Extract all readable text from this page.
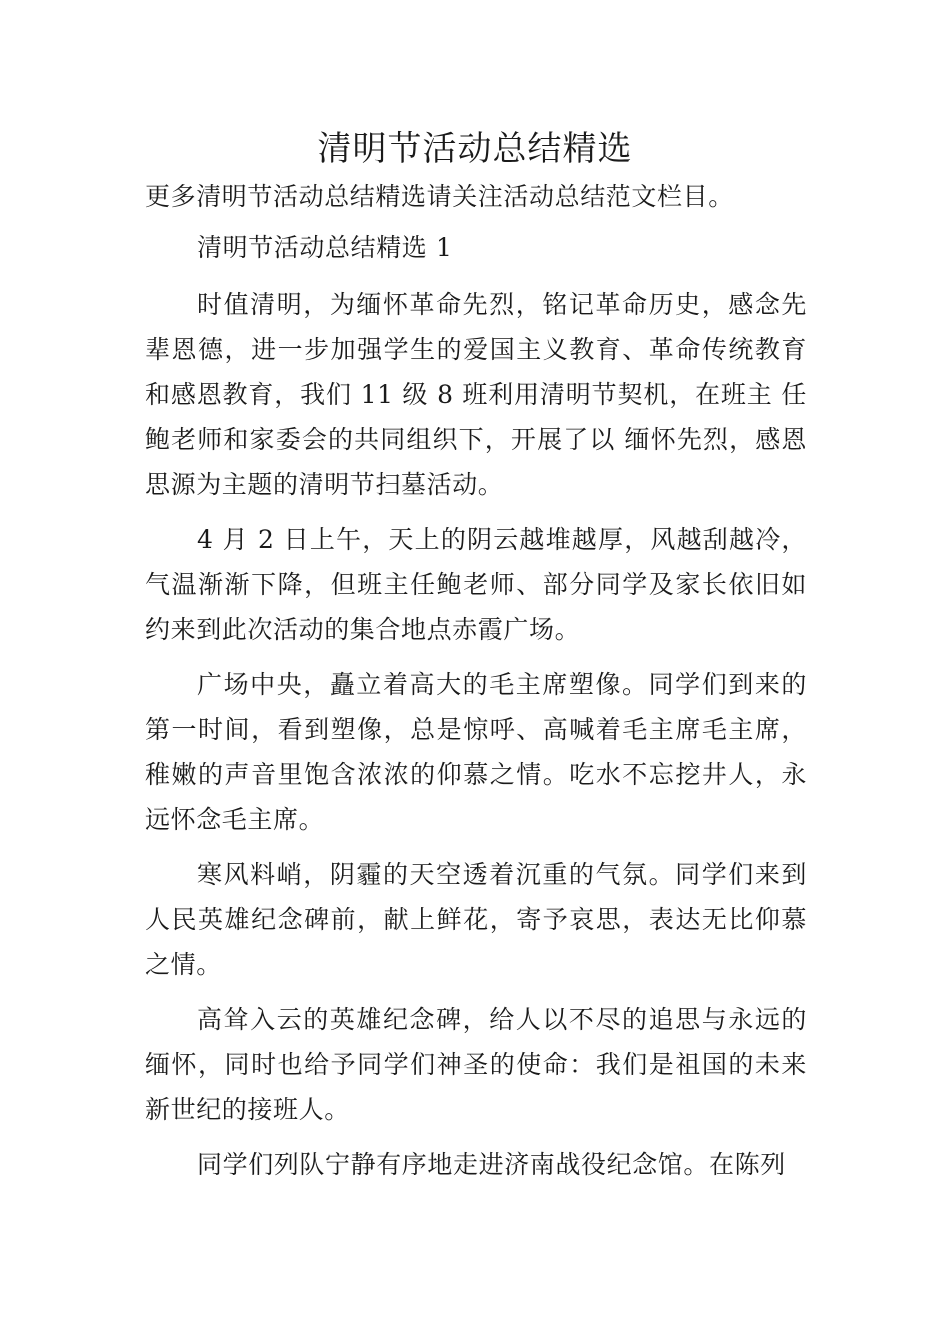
清明节活动总结精选

更多清明节活动总结精选请关注活动总结范文栏目。

清明节活动总结精选 1

时值清明，为缅怀革命先烈，铭记革命历史，感念先辈恩德，进一步加强学生的爱国主义教育、革命传统教育和感恩教育，我们 11 级 8 班利用清明节契机，在班主 任鲍老师和家委会的共同组织下，开展了以 缅怀先烈，感恩思源为主题的清明节扫墓活动。

4 月 2 日上午，天上的阴云越堆越厚，风越刮越冷，气温渐渐下降，但班主任鲍老师、部分同学及家长依旧如约来到此次活动的集合地点赤霞广场。

广场中央，矗立着高大的毛主席塑像。同学们到来的第一时间，看到塑像，总是惊呼、高喊着毛主席毛主席，稚嫩的声音里饱含浓浓的仰慕之情。吃水不忘挖井人，永远怀念毛主席。

寒风料峭，阴霾的天空透着沉重的气氛。同学们来到人民英雄纪念碑前，献上鲜花，寄予哀思，表达无比仰慕之情。

高耸入云的英雄纪念碑，给人以不尽的追思与永远的缅怀，同时也给予同学们神圣的使命：我们是祖国的未来新世纪的接班人。

同学们列队宁静有序地走进济南战役纪念馆。在陈列
